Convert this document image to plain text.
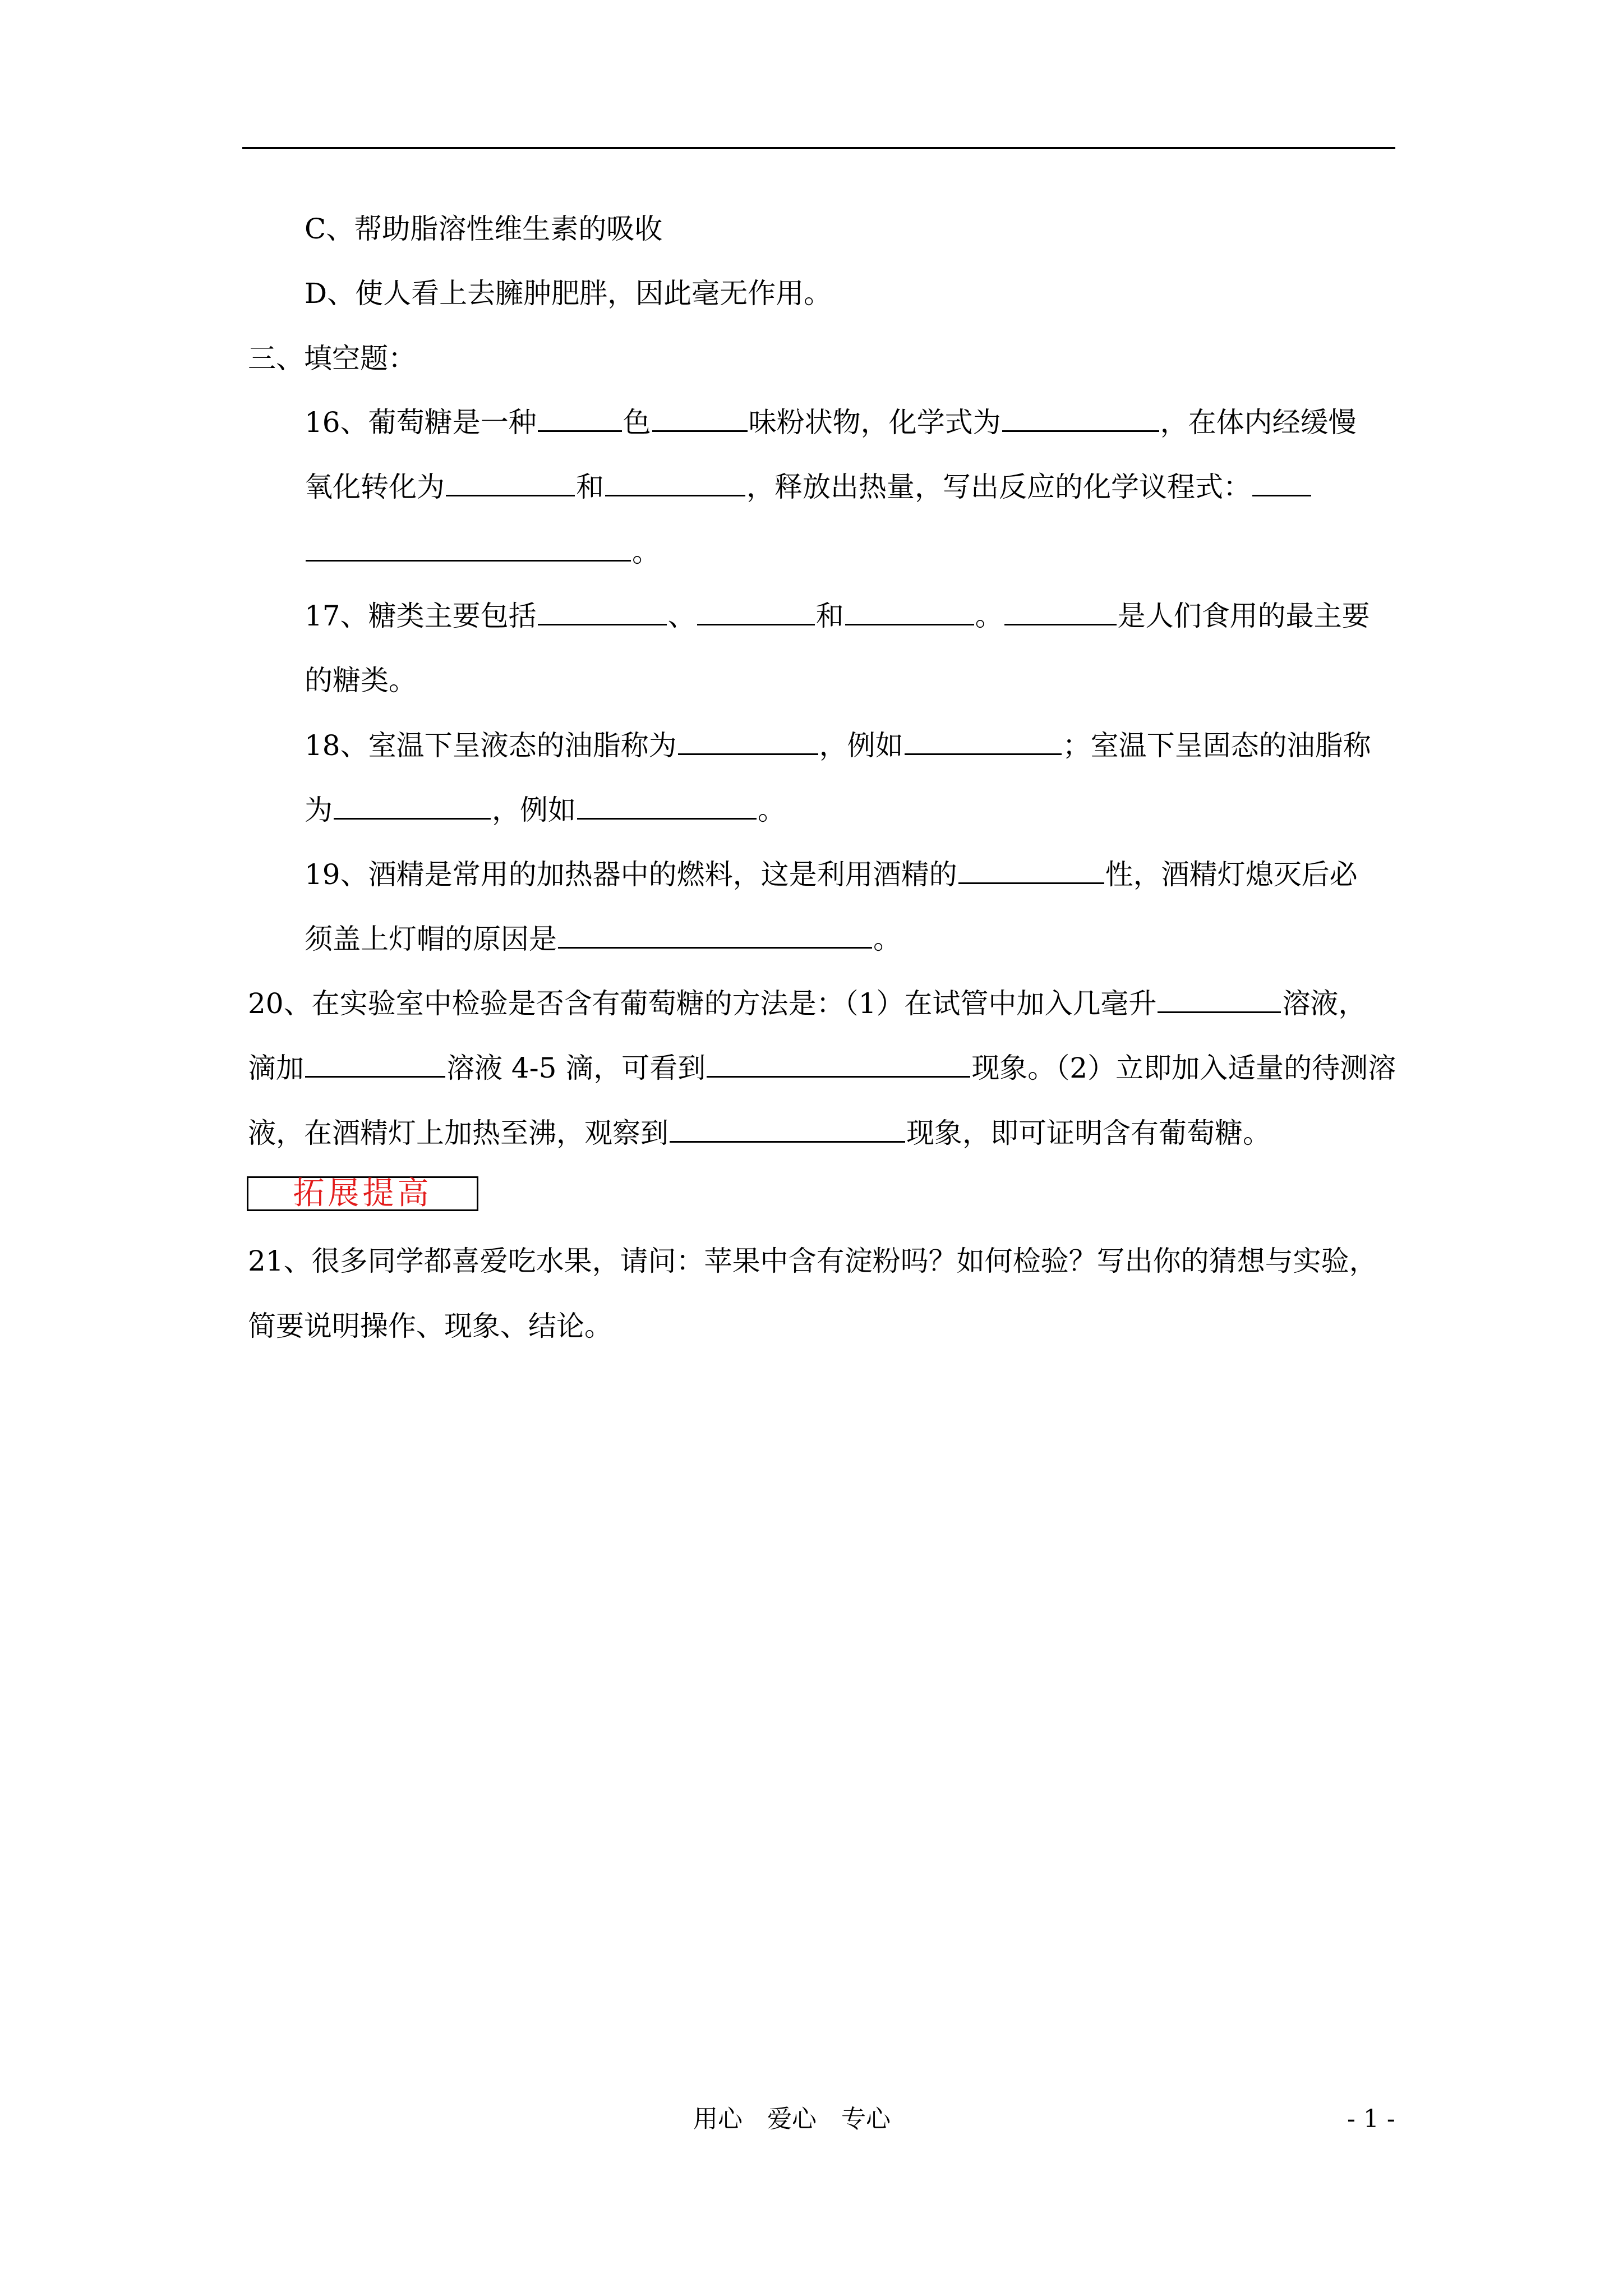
C、帮助脂溶性维生素的吸收
D、使人看上去臃肿肥胖，因此毫无作用。
三、填空题：
16、葡萄糖是一种	色	味粉状物，化学式为	，在体内经缓慢
氧化转化为	和	，释放出热量，写出反应的化学议程式：
。
17、糖类主要包括	、	和	。	是人们食用的最主要
的糖类。
18、室温下呈液态的油脂称为	，例如	；室温下呈固态的油脂称
为	，例如	。
19、酒精是常用的加热器中的燃料，这是利用酒精的	性，酒精灯熄灭后必
须盖上灯帽的原因是	。
20、在实验室中检验是否含有葡萄糖的方法是：（1）在试管中加入几毫升	溶液，
滴加	溶液 4-5 滴，可看到	现象。（2）立即加入适量的待测溶
液，在酒精灯上加热至沸，观察到	现象，即可证明含有葡萄糖。
拓展提高
21、很多同学都喜爱吃水果，请问：苹果中含有淀粉吗？如何检验？写出你的猜想与实验，
简要说明操作、现象、结论。
用心 爱心 专心	- 1 -
